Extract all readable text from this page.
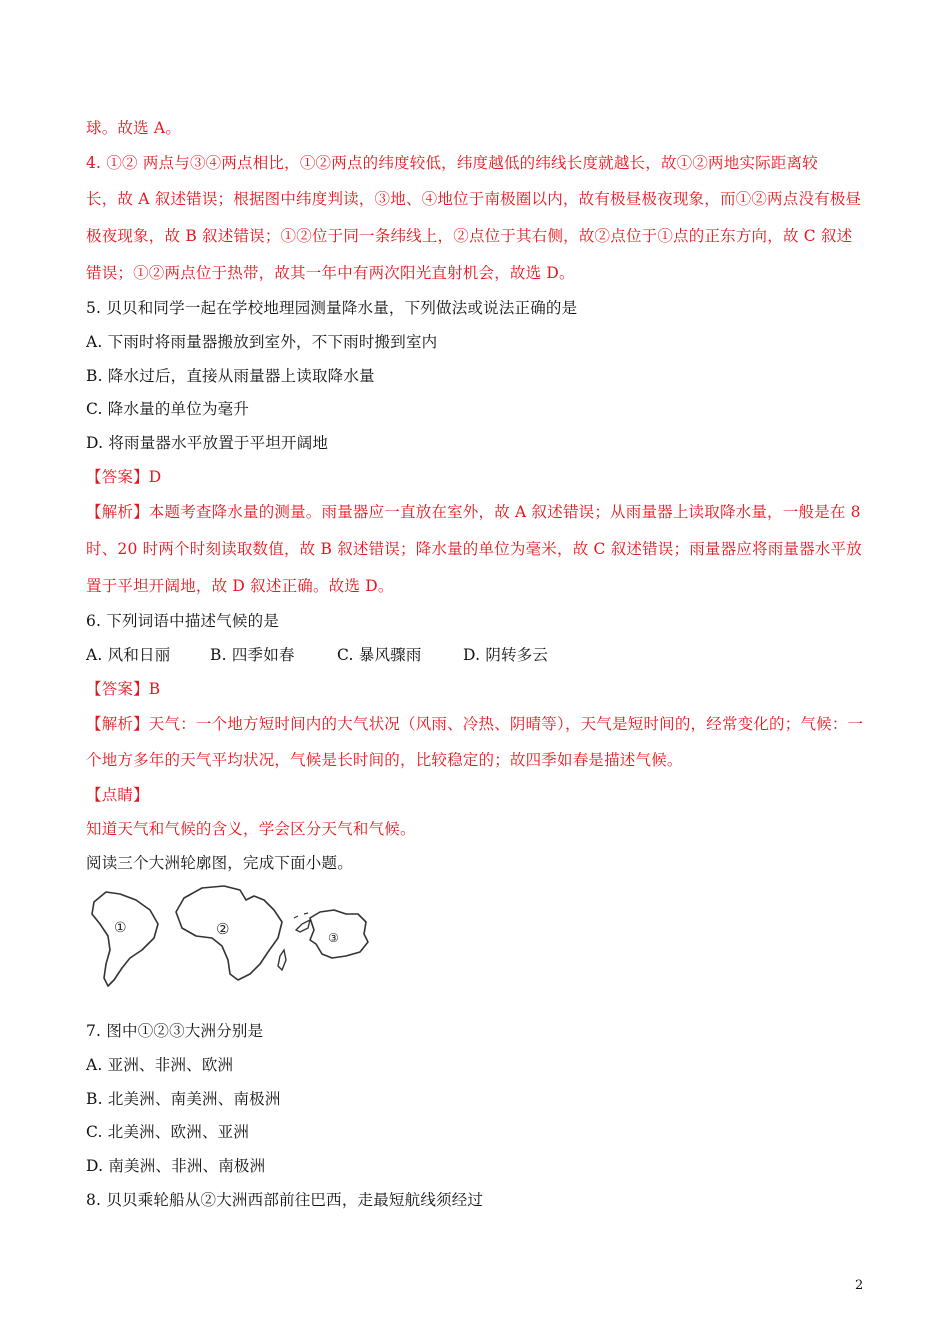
球。故选 A。
4. ①② 两点与③④两点相比，①②两点的纬度较低，纬度越低的纬线长度就越长，故①②两地实际距离较
长，故 A 叙述错误；根据图中纬度判读，③地、④地位于南极圈以内，故有极昼极夜现象，而①②两点没有极昼
极夜现象，故 B 叙述错误；①②位于同一条纬线上，②点位于其右侧，故②点位于①点的正东方向，故 C 叙述
错误；①②两点位于热带，故其一年中有两次阳光直射机会，故选 D。
5. 贝贝和同学一起在学校地理园测量降水量，下列做法或说法正确的是
A. 下雨时将雨量器搬放到室外，不下雨时搬到室内
B. 降水过后，直接从雨量器上读取降水量
C. 降水量的单位为毫升
D. 将雨量器水平放置于平坦开阔地
【答案】D
【解析】本题考查降水量的测量。雨量器应一直放在室外，故 A 叙述错误；从雨量器上读取降水量，一般是在 8
时、20 时两个时刻读取数值，故 B 叙述错误；降水量的单位为毫米，故 C 叙述错误；雨量器应将雨量器水平放
置于平坦开阔地，故 D 叙述正确。故选 D。
6. 下列词语中描述气候的是
A. 风和日丽	B. 四季如春	C. 暴风骤雨	D. 阴转多云
【答案】B
【解析】天气：一个地方短时间内的大气状况（风雨、冷热、阴晴等），天气是短时间的，经常变化的；气候：一
个地方多年的天气平均状况，气候是长时间的，比较稳定的；故四季如春是描述气候。
【点睛】
知道天气和气候的含义，学会区分天气和气候。
阅读三个大洲轮廓图，完成下面小题。
①	②	③
7. 图中①②③大洲分别是
A. 亚洲、非洲、欧洲
B. 北美洲、南美洲、南极洲
C. 北美洲、欧洲、亚洲
D. 南美洲、非洲、南极洲
8. 贝贝乘轮船从②大洲西部前往巴西，走最短航线须经过
2
